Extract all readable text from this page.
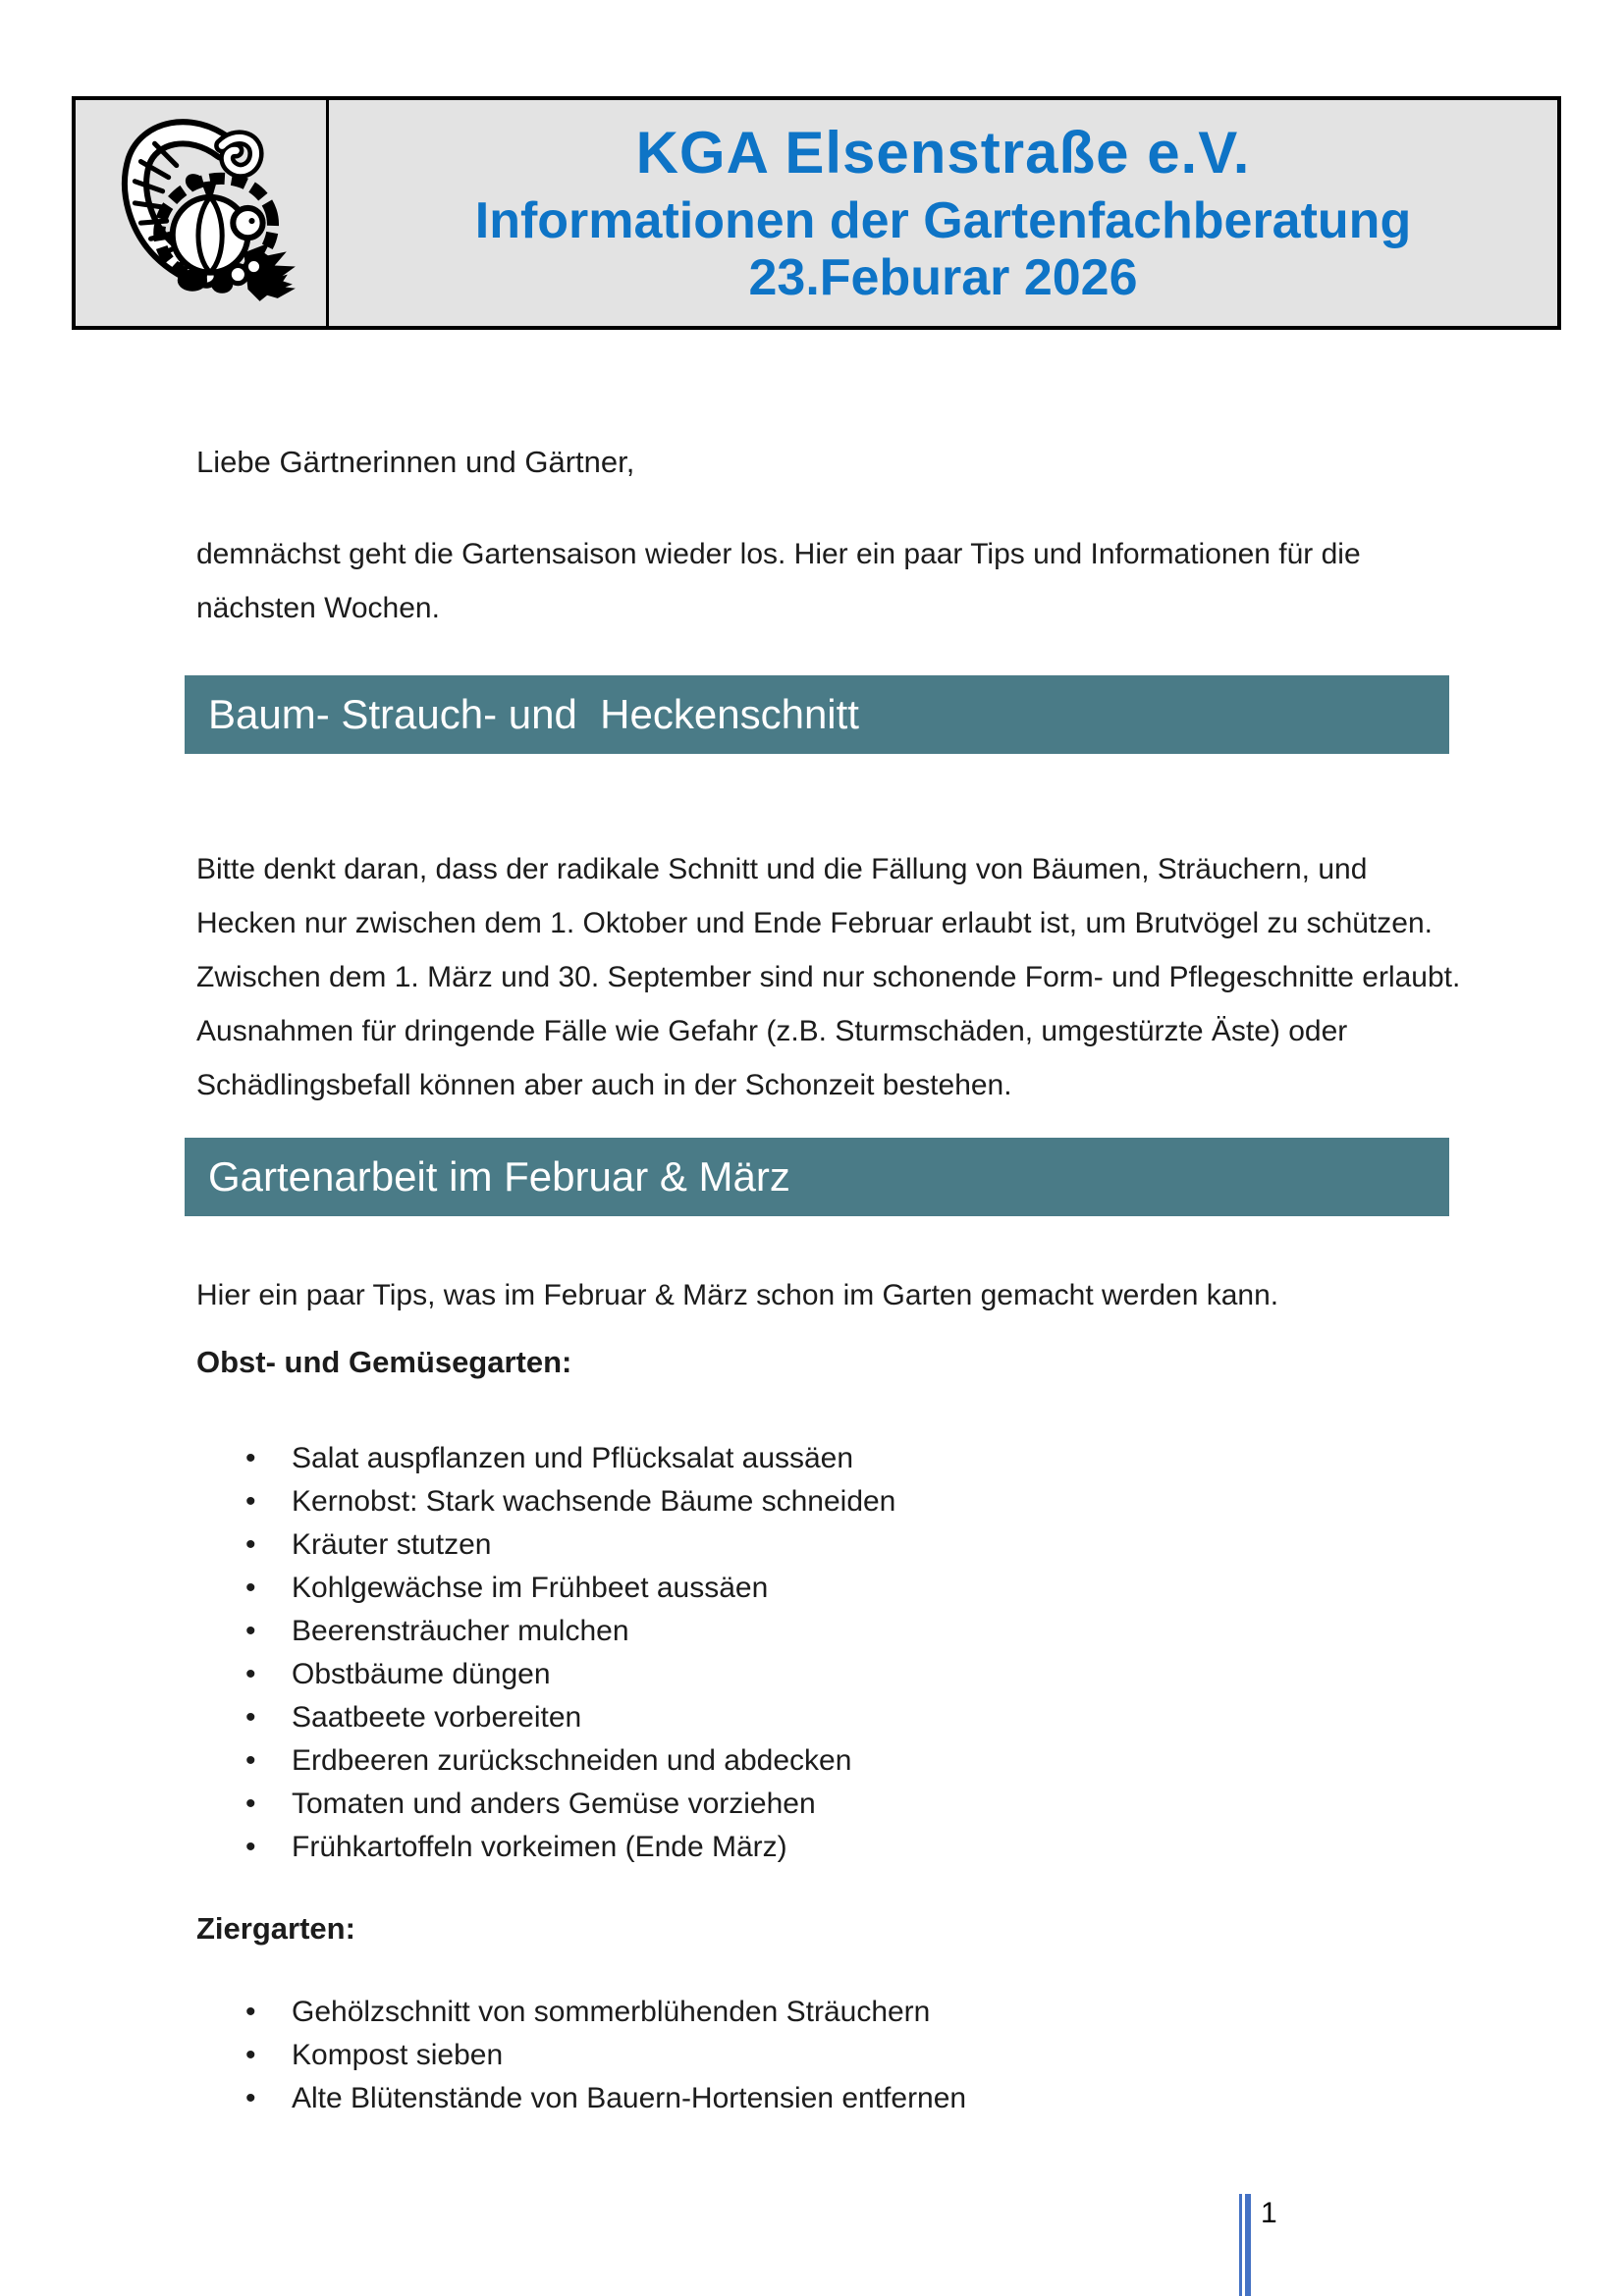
KGA Elsenstraße e.V.
Informationen der Gartenfachberatung
23.Feburar 2026

Liebe Gärtnerinnen und Gärtner,

demnächst geht die Gartensaison wieder los. Hier ein paar Tips und Informationen für die nächsten Wochen.

Baum- Strauch- und  Heckenschnitt

Bitte denkt daran, dass der radikale Schnitt und die Fällung von Bäumen, Sträuchern, und Hecken nur zwischen dem 1. Oktober und Ende Februar erlaubt ist, um Brutvögel zu schützen. Zwischen dem 1. März und 30. September sind nur schonende Form- und Pflegeschnitte erlaubt. Ausnahmen für dringende Fälle wie Gefahr (z.B. Sturmschäden, umgestürzte Äste) oder Schädlingsbefall können aber auch in der Schonzeit bestehen.

Gartenarbeit im Februar & März

Hier ein paar Tips, was im Februar & März schon im Garten gemacht werden kann.

Obst- und Gemüsegarten:

• Salat auspflanzen und Pflücksalat aussäen
• Kernobst: Stark wachsende Bäume schneiden
• Kräuter stutzen
• Kohlgewächse im Frühbeet aussäen
• Beerensträucher mulchen
• Obstbäume düngen
• Saatbeete vorbereiten
• Erdbeeren zurückschneiden und abdecken
• Tomaten und anders Gemüse vorziehen
• Frühkartoffeln vorkeimen (Ende März)

Ziergarten:

• Gehölzschnitt von sommerblühenden Sträuchern
• Kompost sieben
• Alte Blütenstände von Bauern-Hortensien entfernen
1
